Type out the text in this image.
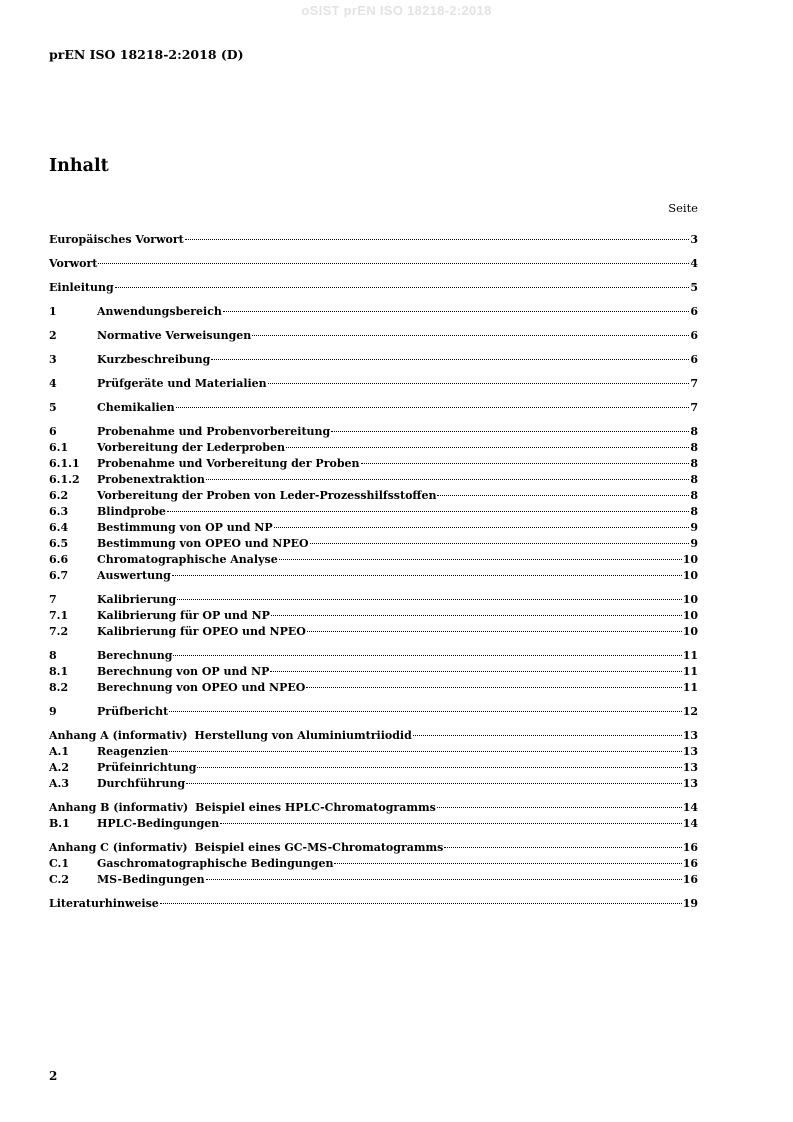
oSIST prEN ISO 18218-2:2018
prEN ISO 18218-2:2018 (D)
Inhalt
Seite
Europäisches Vorwort	3
Vorwort	4
Einleitung	5
1	Anwendungsbereich	6
2	Normative Verweisungen	6
3	Kurzbeschreibung	6
4	Prüfgeräte und Materialien	7
5	Chemikalien	7
6	Probenahme und Probenvorbereitung	8
6.1	Vorbereitung der Lederproben	8
6.1.1	Probenahme und Vorbereitung der Proben	8
6.1.2	Probenextraktion	8
6.2	Vorbereitung der Proben von Leder-Prozesshilfsstoffen	8
6.3	Blindprobe	8
6.4	Bestimmung von OP und NP	9
6.5	Bestimmung von OPEO und NPEO	9
6.6	Chromatographische Analyse	10
6.7	Auswertung	10
7	Kalibrierung	10
7.1	Kalibrierung für OP und NP	10
7.2	Kalibrierung für OPEO und NPEO	10
8	Berechnung	11
8.1	Berechnung von OP und NP	11
8.2	Berechnung von OPEO und NPEO	11
9	Prüfbericht	12
Anhang A (informativ) Herstellung von Aluminiumtriiodid	13
A.1	Reagenzien	13
A.2	Prüfeinrichtung	13
A.3	Durchführung	13
Anhang B (informativ) Beispiel eines HPLC-Chromatogramms	14
B.1	HPLC-Bedingungen	14
Anhang C (informativ) Beispiel eines GC-MS-Chromatogramms	16
C.1	Gaschromatographische Bedingungen	16
C.2	MS-Bedingungen	16
Literaturhinweise	19
2
